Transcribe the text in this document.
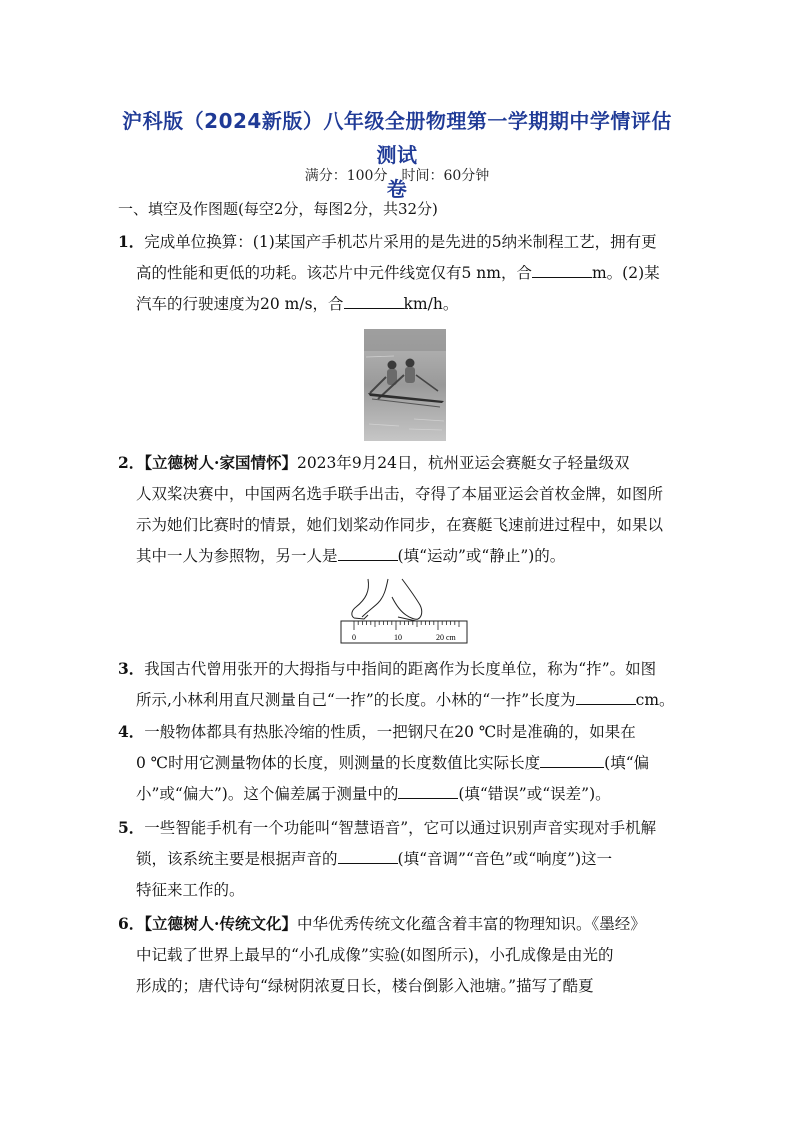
沪科版（2024新版）八年级全册物理第一学期期中学情评估测试
卷
满分：100分　时间：60分钟
一、填空及作图题(每空2分，每图2分，共32分)
1．完成单位换算：(1)某国产手机芯片采用的是先进的5纳米制程工艺，拥有更
高的性能和更低的功耗。该芯片中元件线宽仅有5 nm，合	m。(2)某
汽车的行驶速度为20 m/s，合	km/h。
2．【立德树人·家国情怀】2023年9月24日，杭州亚运会赛艇女子轻量级双
人双桨决赛中，中国两名选手联手出击，夺得了本届亚运会首枚金牌，如图所
示为她们比赛时的情景，她们划桨动作同步，在赛艇飞速前进过程中，如果以
其中一人为参照物，另一人是	(填“运动”或“静止”)的。
0	10	20 cm
3．我国古代曾用张开的大拇指与中指间的距离作为长度单位，称为“拃”。如图
所示,小林利用直尺测量自己“一拃”的长度。小林的“一拃”长度为	cm。
4．一般物体都具有热胀冷缩的性质，一把钢尺在20 ℃时是准确的，如果在
0 ℃时用它测量物体的长度，则测量的长度数值比实际长度	(填“偏
小”或“偏大”)。这个偏差属于测量中的	(填“错误”或“误差”)。
5．一些智能手机有一个功能叫“智慧语音”，它可以通过识别声音实现对手机解
锁，该系统主要是根据声音的	(填“音调”“音色”或“响度”)这一
特征来工作的。
6．【立德树人·传统文化】中华优秀传统文化蕴含着丰富的物理知识。《墨经》
中记载了世界上最早的“小孔成像”实验(如图所示)，小孔成像是由光的
形成的；唐代诗句“绿树阴浓夏日长，楼台倒影入池塘。”描写了酷夏
